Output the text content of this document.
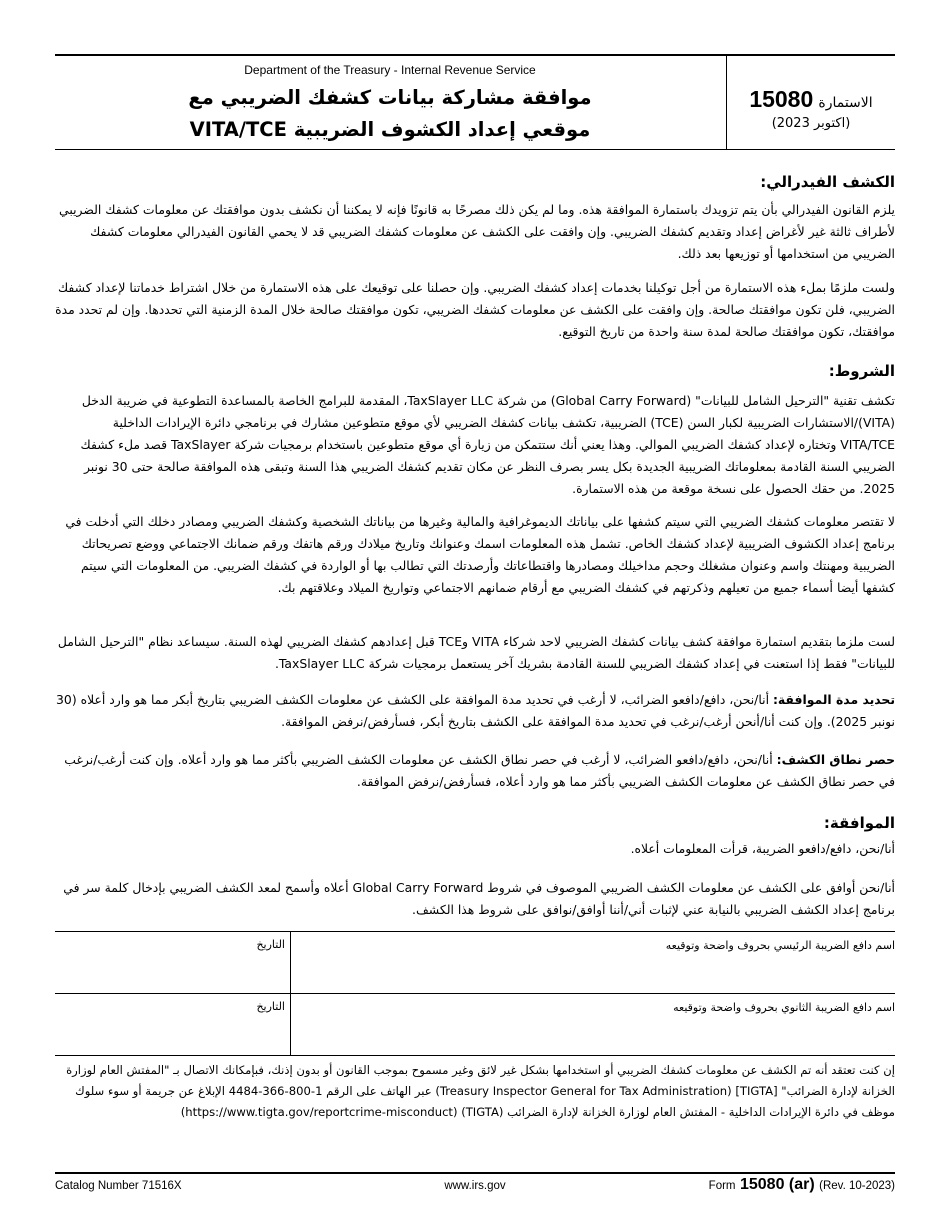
Department of the Treasury - Internal Revenue Service
موافقة مشاركة بيانات كشفك الضريبي مع
موقعي إعداد الكشوف الضريبية VITA/TCE
الاستمارة 15080
(اكتوبر 2023)
الكشف الفيدرالي:
يلزم القانون الفيدرالي بأن يتم تزويدك باستمارة الموافقة هذه. وما لم يكن ذلك مصرحًا به قانونًا فإنه لا يمكننا أن نكشف بدون موافقتك عن معلومات كشفك الضريبي لأطراف ثالثة غير لأغراض إعداد وتقديم كشفك الضريبي. وإن وافقت على الكشف عن معلومات كشفك الضريبي قد لا يحمي القانون الفيدرالي معلومات كشفك الضريبي من استخدامها أو توزيعها بعد ذلك.
ولست ملزمًا بملء هذه الاستمارة من أجل توكيلنا بخدمات إعداد كشفك الضريبي. وإن حصلنا على توقيعك على هذه الاستمارة من خلال اشتراط خدماتنا لإعداد كشفك الضريبي، فلن تكون موافقتك صالحة. وإن وافقت على الكشف عن معلومات كشفك الضريبي، تكون موافقتك صالحة خلال المدة الزمنية التي تحددها. وإن لم تحدد مدة موافقتك، تكون موافقتك صالحة لمدة سنة واحدة من تاريخ التوقيع.
الشروط:
تكشف تقنية "الترحيل الشامل للبيانات" (Global Carry Forward) من شركة TaxSlayer LLC، المقدمة للبرامج الخاصة بالمساعدة التطوعية في ضريبة الدخل (VITA)/الاستشارات الضريبية لكبار السن (TCE) الضريبية، تكشف بيانات كشفك الضريبي لأي موقع متطوعين مشارك في برنامجي دائرة الإيرادات الداخلية VITA/TCE وتختاره لإعداد كشفك الضريبي الموالي. وهذا يعني أنك ستتمكن من زيارة أي موقع متطوعين باستخدام برمجيات شركة TaxSlayer قصد ملء كشفك الضريبي السنة القادمة بمعلوماتك الضريبية الجديدة بكل يسر بصرف النظر عن مكان تقديم كشفك الضريبي هذا السنة وتبقى هذه الموافقة صالحة حتى 30 نونبر 2025. من حقك الحصول على نسخة موقعة من هذه الاستمارة.
لا تقتصر معلومات كشفك الضريبي التي سيتم كشفها على بياناتك الديموغرافية والمالية وغيرها من بياناتك الشخصية وكشفك الضريبي ومصادر دخلك التي أدخلت في برنامج إعداد الكشوف الضريبية لإعداد كشفك الخاص. تشمل هذه المعلومات اسمك وعنوانك وتاريخ ميلادك ورقم هاتفك ورقم ضمانك الاجتماعي ووضع تصريحاتك الضريبية ومهنتك واسم وعنوان مشغلك وحجم مداخيلك ومصادرها واقتطاعاتك وأرصدتك التي تطالب بها أو الواردة في كشفك الضريبي. من المعلومات التي سيتم كشفها أيضا أسماء جميع من تعيلهم وذكرتهم في كشفك الضريبي مع أرقام ضمانهم الاجتماعي وتواريخ الميلاد وعلاقتهم بك.
لست ملزما بتقديم استمارة موافقة كشف بيانات كشفك الضريبي لاحد شركاء VITA وTCE قبل إعدادهم كشفك الضريبي لهذه السنة. سيساعد نظام "الترحيل الشامل للبيانات" فقط إذا استعنت في إعداد كشفك الضريبي للسنة القادمة بشريك آخر يستعمل برمجيات شركة TaxSlayer LLC.
تحديد مدة الموافقة: أنا/نحن، دافع/دافعو الضرائب، لا أرغب في تحديد مدة الموافقة على الكشف عن معلومات الكشف الضريبي بتاريخ أبكر مما هو وارد أعلاه (30 نونبر 2025). وإن كنت أنا/أنحن أرغب/نرغب في تحديد مدة الموافقة على الكشف بتاريخ أبكر، فسأرفض/نرفض الموافقة.
حصر نطاق الكشف: أنا/نحن، دافع/دافعو الضرائب، لا أرغب في حصر نطاق الكشف عن معلومات الكشف الضريبي بأكثر مما هو وارد أعلاه. وإن كنت أرغب/نرغب في حصر نطاق الكشف عن معلومات الكشف الضريبي بأكثر مما هو وارد أعلاه، فسأرفض/نرفض الموافقة.
الموافقة:
أنا/نحن، دافع/دافعو الضريبة، قرأت المعلومات أعلاه.
أنا/نحن أوافق على الكشف عن معلومات الكشف الضريبي الموصوف في شروط Global Carry Forward أعلاه وأسمح لمعد الكشف الضريبي بإدخال كلمة سر في برنامج إعداد الكشف الضريبي بالنيابة عني لإثبات أني/أننا أوافق/نوافق على شروط هذا الكشف.
اسم دافع الضريبة الرئيسي بحروف واضحة وتوقيعه
التاريخ
اسم دافع الضريبة الثانوي بحروف واضحة وتوقيعه
التاريخ
إن كنت تعتقد أنه تم الكشف عن معلومات كشفك الضريبي أو استخدامها بشكل غير لائق وغير مسموح بموجب القانون أو بدون إذنك، فبإمكانك الاتصال بـ "المفتش العام لوزارة الخزانة لإدارة الضرائب" [TIGTA] (Treasury Inspector General for Tax Administration) عبر الهاتف على الرقم 1-800-366-4484 الإبلاغ عن جريمة أو سوء سلوك موظف في دائرة الإيرادات الداخلية - المفتش العام لوزارة الخزانة لإدارة الضرائب (TIGTA) (https://www.tigta.gov/reportcrime-misconduct)
Catalog Number 71516X	www.irs.gov	Form 15080 (ar) (Rev. 10-2023)
